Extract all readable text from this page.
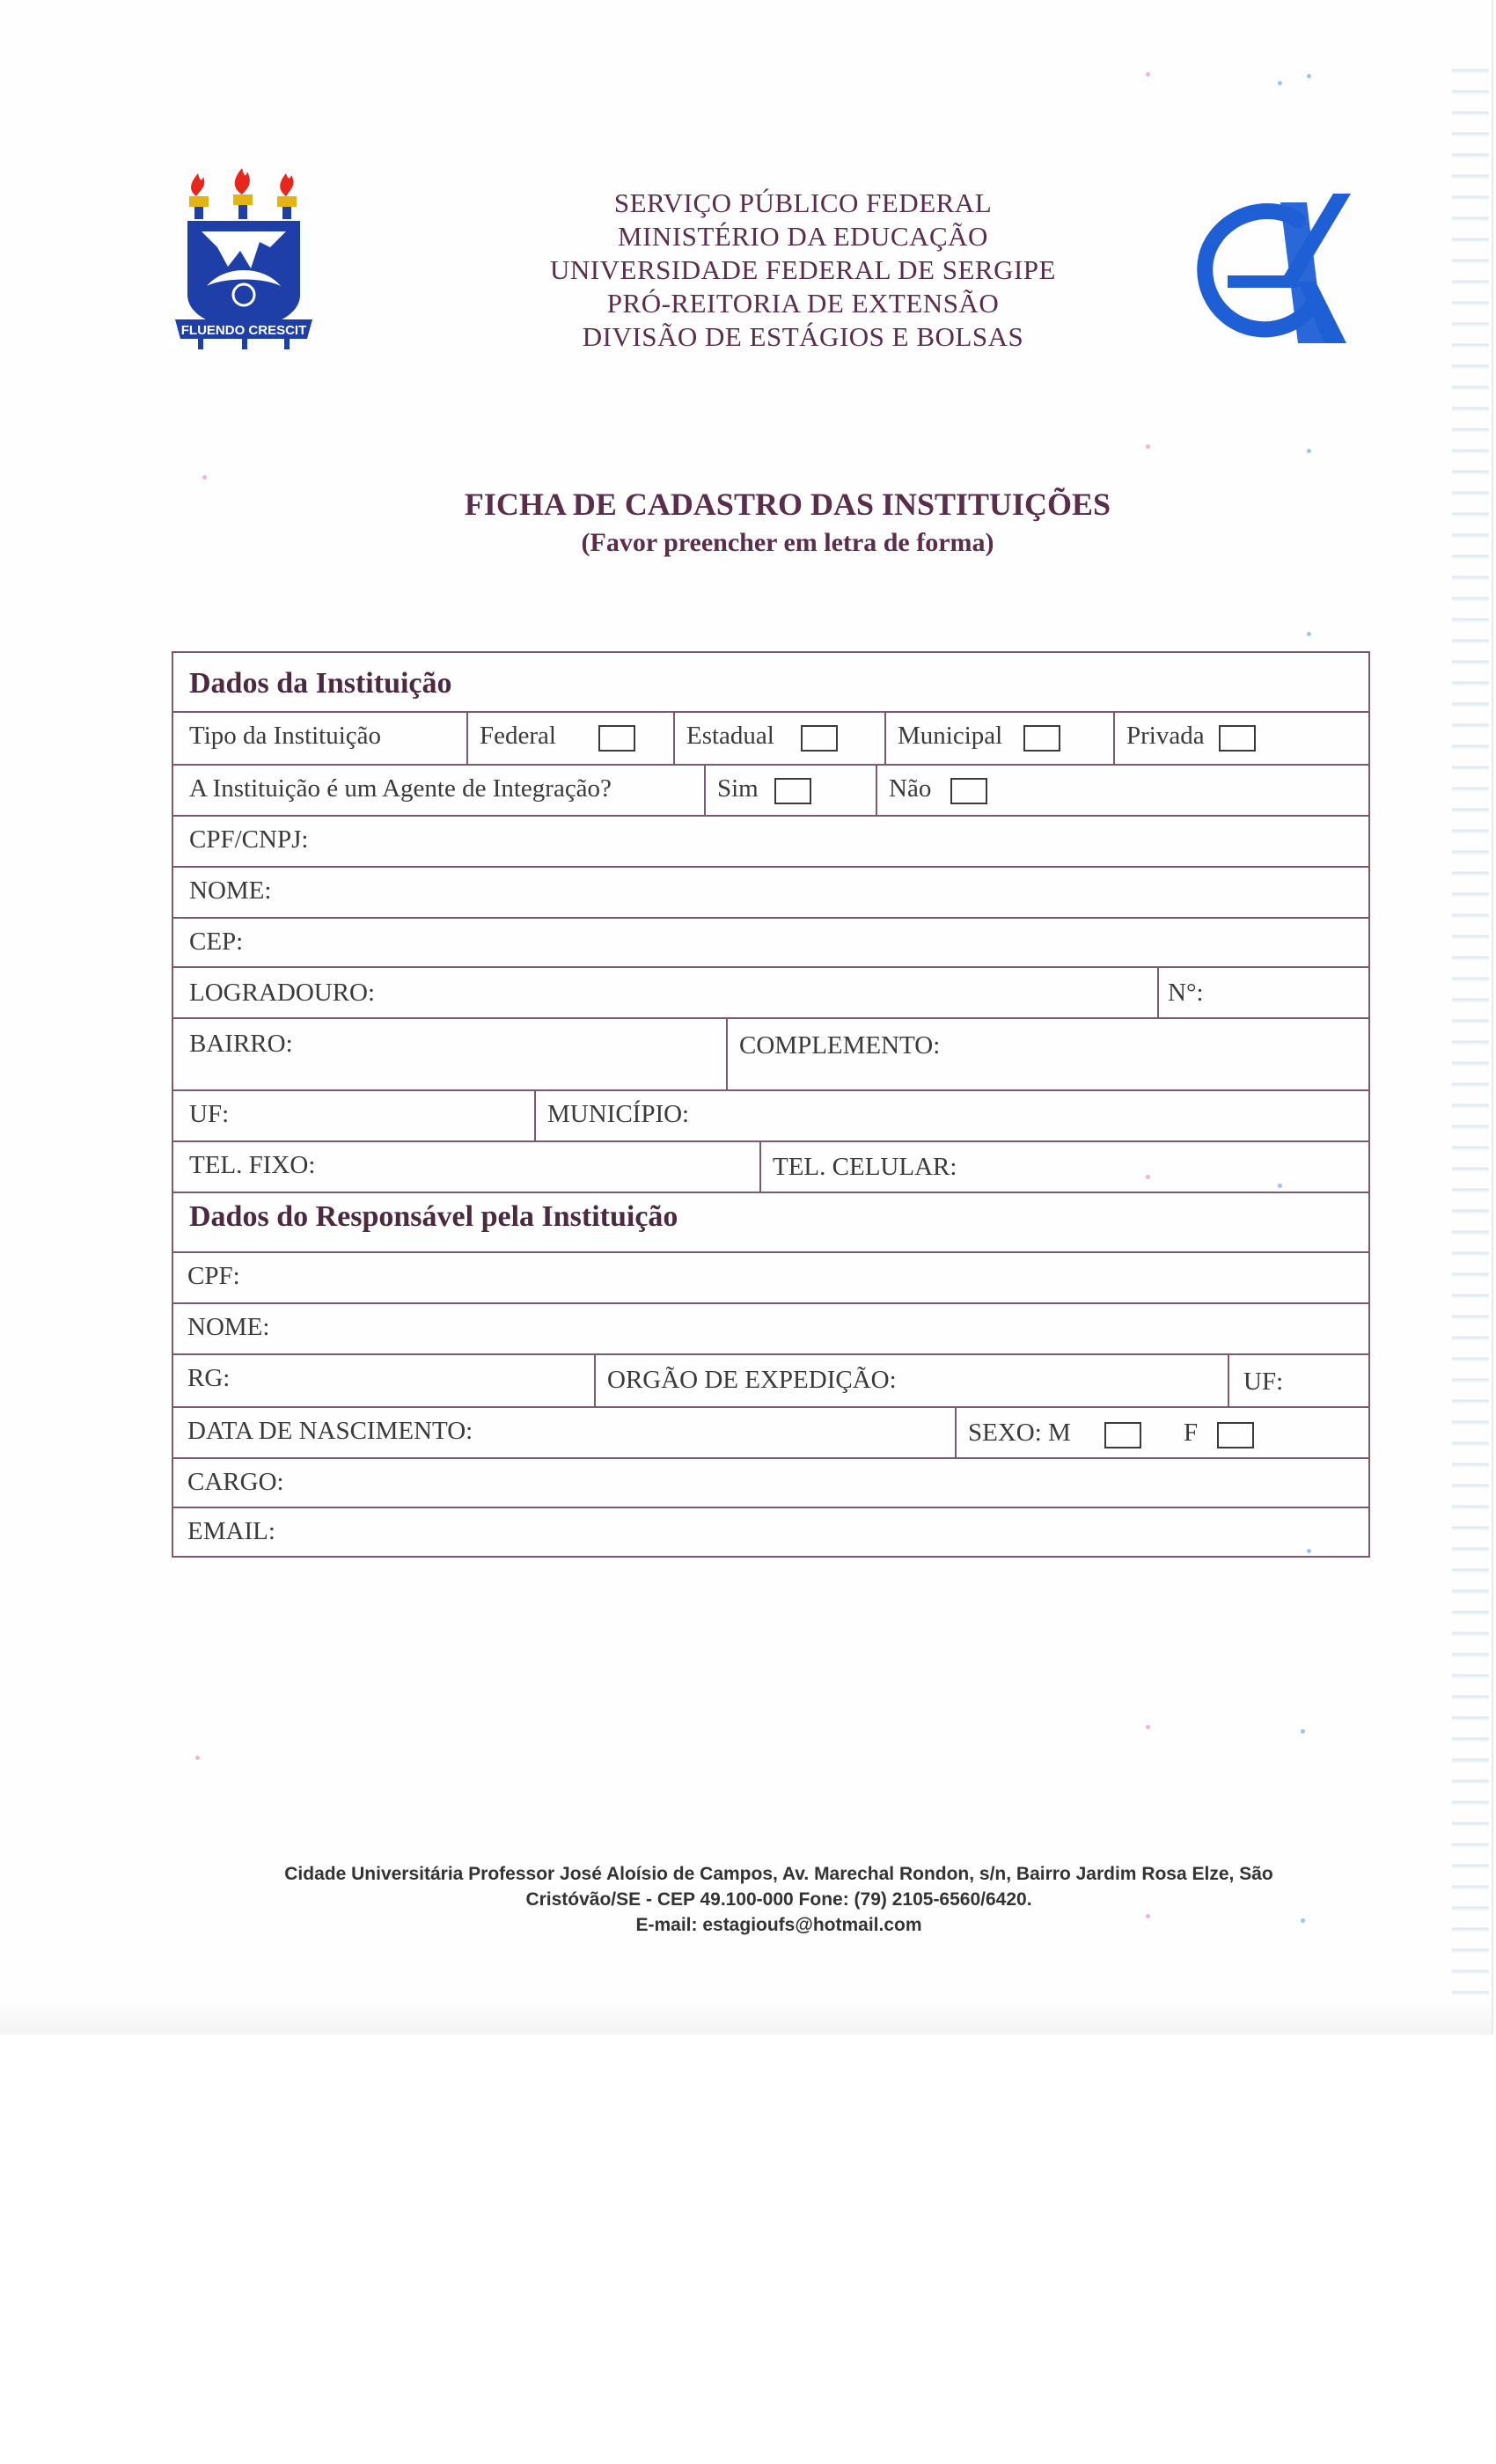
FLUENDO CRESCIT
SERVIÇO PÚBLICO FEDERAL
MINISTÉRIO DA EDUCAÇÃO
UNIVERSIDADE FEDERAL DE SERGIPE
PRÓ-REITORIA DE EXTENSÃO
DIVISÃO DE ESTÁGIOS E BOLSAS
FICHA DE CADASTRO DAS INSTITUIÇÕES
(Favor preencher em letra de forma)
Dados da Instituição
Tipo da Instituição	Federal	Estadual	Municipal	Privada
A Instituição é um Agente de Integração?	Sim	Não
CPF/CNPJ:
NOME:
CEP:
LOGRADOURO:	N°:
BAIRRO:	COMPLEMENTO:
UF:	MUNICÍPIO:
TEL. FIXO:	TEL. CELULAR:
Dados do Responsável pela Instituição
CPF:
NOME:
RG:	ORGÃO DE EXPEDIÇÃO:	UF:
DATA DE NASCIMENTO:	SEXO: M	F
CARGO:
EMAIL:
Cidade Universitária Professor José Aloísio de Campos, Av. Marechal Rondon, s/n, Bairro Jardim Rosa Elze, São
Cristóvão/SE - CEP 49.100-000 Fone: (79) 2105-6560/6420.
E-mail: estagioufs@hotmail.com
